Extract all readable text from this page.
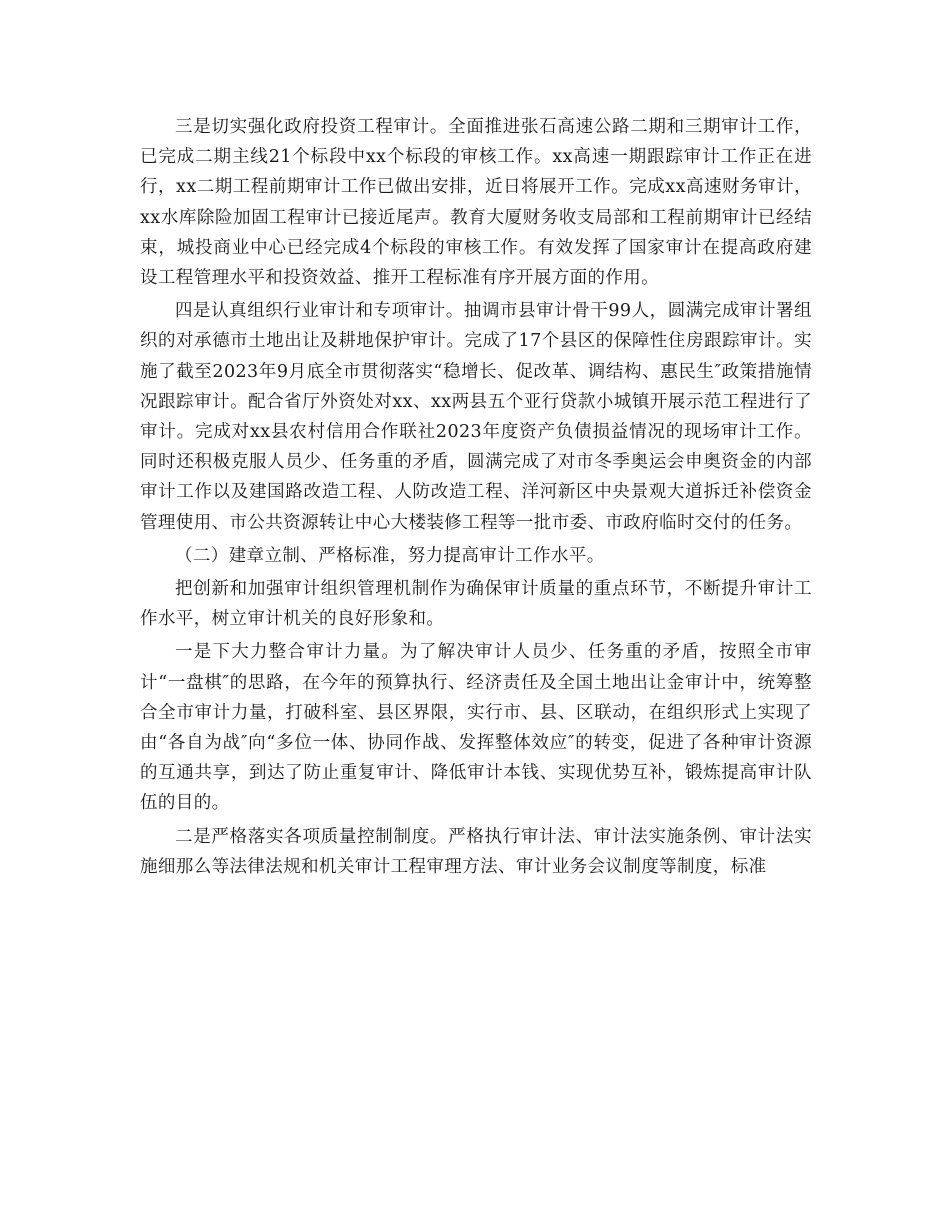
三是切实强化政府投资工程审计。全面推进张石高速公路二期和三期审计工作，已完成二期主线21个标段中xx个标段的审核工作。xx高速一期跟踪审计工作正在进行，xx二期工程前期审计工作已做出安排，近日将展开工作。完成xx高速财务审计，xx水库除险加固工程审计已接近尾声。教育大厦财务收支局部和工程前期审计已经结束，城投商业中心已经完成4个标段的审核工作。有效发挥了国家审计在提高政府建设工程管理水平和投资效益、推开工程标准有序开展方面的作用。

四是认真组织行业审计和专项审计。抽调市县审计骨干99人，圆满完成审计署组织的对承德市土地出让及耕地保护审计。完成了17个县区的保障性住房跟踪审计。实施了截至2023年9月底全市贯彻落实“稳增长、促改革、调结构、惠民生″政策措施情况跟踪审计。配合省厅外资处对xx、xx两县五个亚行贷款小城镇开展示范工程进行了审计。完成对xx县农村信用合作联社2023年度资产负债损益情况的现场审计工作。同时还积极克服人员少、任务重的矛盾，圆满完成了对市冬季奥运会申奥资金的内部审计工作以及建国路改造工程、人防改造工程、洋河新区中央景观大道拆迁补偿资金管理使用、市公共资源转让中心大楼装修工程等一批市委、市政府临时交付的任务。

（二）建章立制、严格标准，努力提高审计工作水平。

把创新和加强审计组织管理机制作为确保审计质量的重点环节，不断提升审计工作水平，树立审计机关的良好形象和。

一是下大力整合审计力量。为了解决审计人员少、任务重的矛盾，按照全市审计“一盘棋″的思路，在今年的预算执行、经济责任及全国土地出让金审计中，统筹整合全市审计力量，打破科室、县区界限，实行市、县、区联动，在组织形式上实现了由“各自为战″向“多位一体、协同作战、发挥整体效应″的转变，促进了各种审计资源的互通共享，到达了防止重复审计、降低审计本钱、实现优势互补，锻炼提高审计队伍的目的。

二是严格落实各项质量控制制度。严格执行审计法、审计法实施条例、审计法实施细那么等法律法规和机关审计工程审理方法、审计业务会议制度等制度，标准
